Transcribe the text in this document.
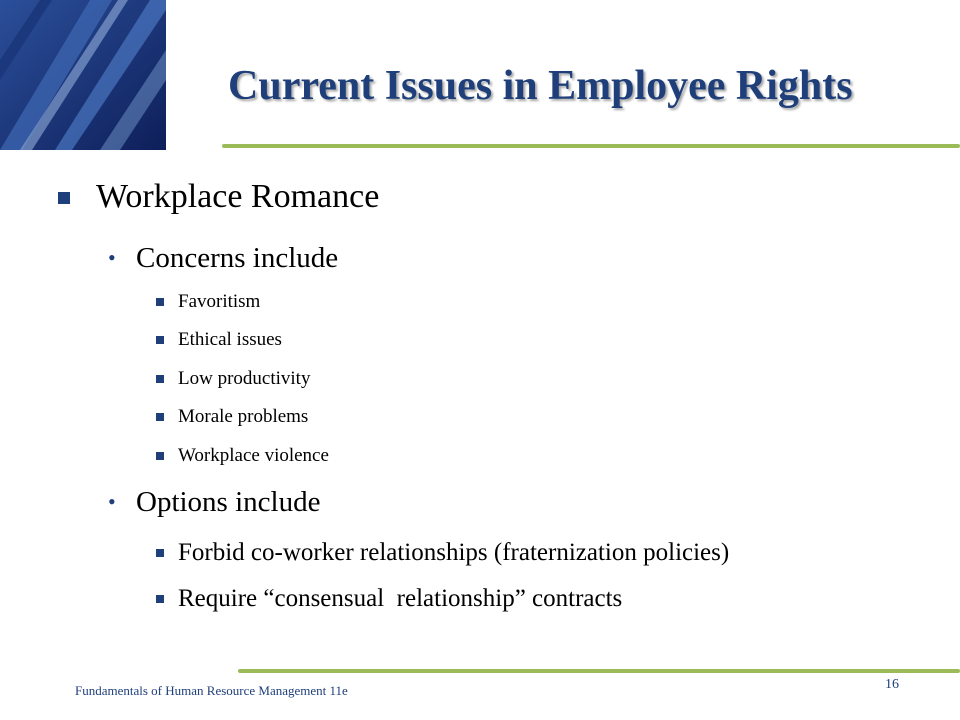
Current Issues in Employee Rights
Workplace Romance
• Concerns include
Favoritism
Ethical issues
Low productivity
Morale problems
Workplace violence
• Options include
Forbid co-worker relationships (fraternization policies)
Require “consensual  relationship” contracts
Fundamentals of Human Resource Management 11e	16
